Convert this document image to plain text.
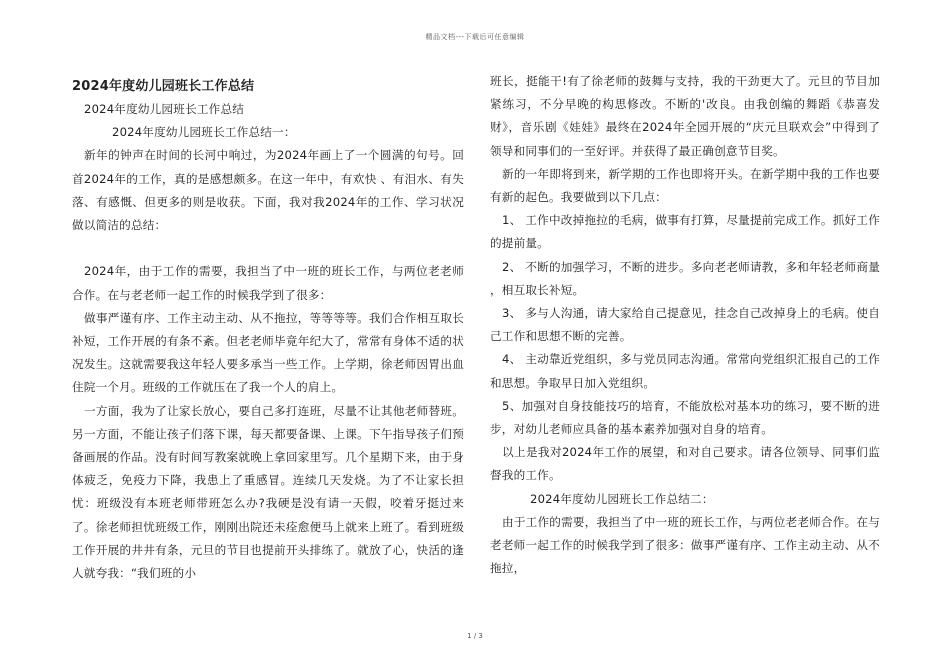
精品文档---下载后可任意编辑
2024年度幼儿园班长工作总结

2024年度幼儿园班长工作总结

2024年度幼儿园班长工作总结一：

新年的钟声在时间的长河中响过，为2024年画上了一个圆满的句号。回首2024年的工作，真的是感想颇多。在这一年中，有欢快 、有泪水、有失落、有感慨、但更多的则是收获。下面，我对我2024年的工作、学习状况做以简洁的总结：

2024年，由于工作的需要，我担当了中一班的班长工作，与两位老老师合作。在与老老师一起工作的时候我学到了很多：

做事严谨有序、工作主动主动、从不拖拉，等等等等。我们合作相互取长补短，工作开展的有条不紊。但老老师毕竟年纪大了，常常有身体不适的状况发生。这就需要我这年轻人要多承当一些工作。上学期，徐老师因胃出血住院一个月。班级的工作就压在了我一个人的肩上。

一方面，我为了让家长放心，要自己多打连班，尽量不让其他老师替班。另一方面，不能让孩子们落下课，每天都要备课、上课。下午指导孩子们预备画展的作品。没有时间写教案就晚上拿回家里写。几个星期下来，由于身体疲乏，免疫力下降，我患上了重感冒。连续几天发烧。为了不让家长担忧：班级没有本班老师带班怎么办?我硬是没有请一天假，咬着牙挺过来了。徐老师担忧班级工作，刚刚出院还未痊愈便马上就来上班了。看到班级工作开展的井井有条，元旦的节目也提前开头排练了。就放了心，快活的逢人就夸我：“我们班的小

班长，挺能干!有了徐老师的鼓舞与支持，我的干劲更大了。元旦的节目加紧练习，不分早晚的构思修改。不断的'改良。由我创编的舞蹈《恭喜发财》，音乐剧《娃娃》最终在2024年全园开展的“庆元旦联欢会”中得到了领导和同事们的一至好评。并获得了最正确创意节目奖。

新的一年即将到来，新学期的工作也即将开头。在新学期中我的工作也要有新的起色。我要做到以下几点：

1、 工作中改掉拖拉的毛病，做事有打算，尽量提前完成工作。抓好工作的提前量。

2、 不断的加强学习，不断的进步。多向老老师请教，多和年轻老师商量 ，相互取长补短。

3、 多与人沟通，请大家给自己提意见，挂念自己改掉身上的毛病。使自己工作和思想不断的完善。

4、 主动靠近党组织，多与党员同志沟通。常常向党组织汇报自己的工作和思想。争取早日加入党组织。

5、加强对自身技能技巧的培育，不能放松对基本功的练习，要不断的进步，对幼儿老师应具备的基本素养加强对自身的培育。

以上是我对2024年工作的展望，和对自己要求。请各位领导、同事们监督我的工作。

2024年度幼儿园班长工作总结二：

由于工作的需要，我担当了中一班的班长工作，与两位老老师合作。在与老老师一起工作的时候我学到了很多：做事严谨有序、工作主动主动、从不拖拉，

1 / 3
